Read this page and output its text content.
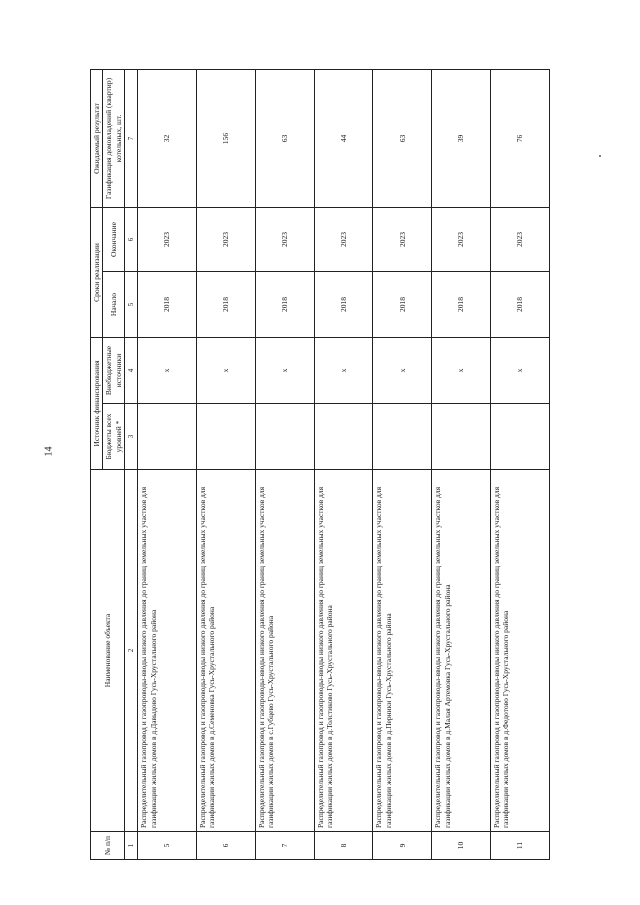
14
№ п/п	Наименование объекта	Источник финансирования		Сроки реализации		Ожидаемый результат
		Бюджеты всех уровней *	Внебюджетные источники	Начало	Окончание	Газификация домовладений (квартир) котельных, шт.
1	2	3	4	5	6	7
5	Распределительный газопровод и газопроводы-вводы низкого давления до границ земельных участков для газификации жилых домов в д.Давыдово Гусь-Хрустального района		x	2018	2023	32
6	Распределительный газопровод и газопроводы-вводы низкого давления до границ земельных участков для газификации жилых домов в д.Семеновка Гусь-Хрустального района		x	2018	2023	156
7	Распределительный газопровод и газопроводы-вводы низкого давления до границ земельных участков для газификации жилых домов в с.Губцево Гусь-Хрустального района		x	2018	2023	63
8	Распределительный газопровод и газопроводы-вводы низкого давления до границ земельных участков для газификации жилых домов в д.Толстиково Гусь-Хрустального района		x	2018	2023	44
9	Распределительный газопровод и газопроводы-вводы низкого давления до границ земельных участков для газификации жилых домов в д.Перники Гусь-Хрустального района		x	2018	2023	63
10	Распределительный газопровод и газопроводы-вводы низкого давления до границ земельных участков для газификации жилых домов в д.Малая Артемовка Гусь-Хрустального района		x	2018	2023	39
11	Распределительный газопровод и газопроводы-вводы низкого давления до границ земельных участков для газификации жилых домов в д.Федотово Гусь-Хрустального района		x	2018	2023	76
